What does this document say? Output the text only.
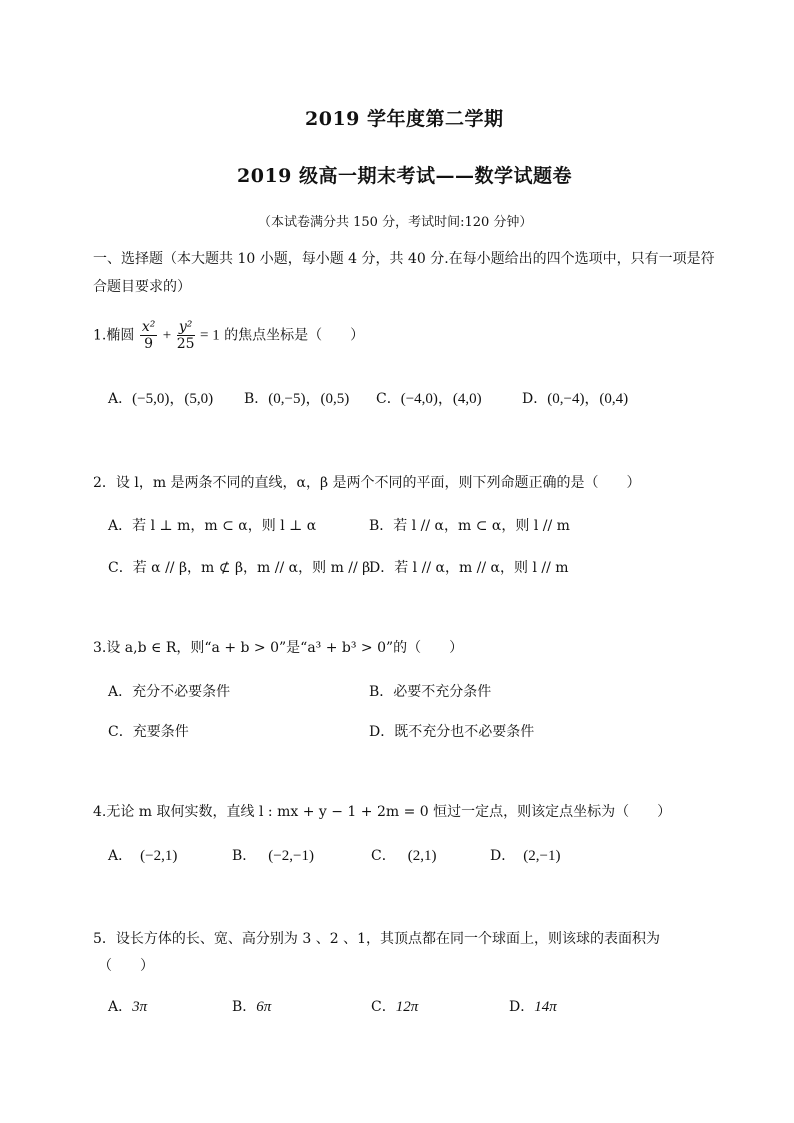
2019 学年度第二学期
2019 级高一期末考试——数学试题卷
（本试卷满分共 150 分，考试时间:120 分钟）
一、选择题（本大题共 10 小题，每小题 4 分，共 40 分.在每小题给出的四个选项中，只有一项是符
合题目要求的）
1.椭圆 $\frac{\text{x²}}{9} + \frac{\text{y²}}{25} = 1$ 的焦点坐标是（　　）
A．(−5,0)，(5,0) B．(0,−5)，(0,5) C．(−4,0)，(4,0)	D．(0,−4)，(0,4)
2．设 l，m 是两条不同的直线，α，β 是两个不同的平面，则下列命题正确的是（　　）
A．若 l ⊥ m，m ⊂ α，则 l ⊥ α	B．若 l // α，m ⊂ α，则 l // m
C．若 α // β，m ⊄ β，m // α，则 m // β
D．若 l // α，m // α，则 l // m
3.设 a,b ∈ R，则“a + b > 0”是“a³ + b³ > 0”的（　　）
A．充分不必要条件	B．必要不充分条件
C．充要条件	D．既不充分也不必要条件
4.无论 m 取何实数，直线 l : mx + y − 1 + 2m = 0 恒过一定点，则该定点坐标为（　　）
A． (−2,1)	B． (−2,−1)	C． (2,1)	D． (2,−1)
5．设长方体的长、宽、高分别为 3 、2 、1，其顶点都在同一个球面上，则该球的表面积为
（　　）
A．3π	B．6π	C．12π	D．14π
